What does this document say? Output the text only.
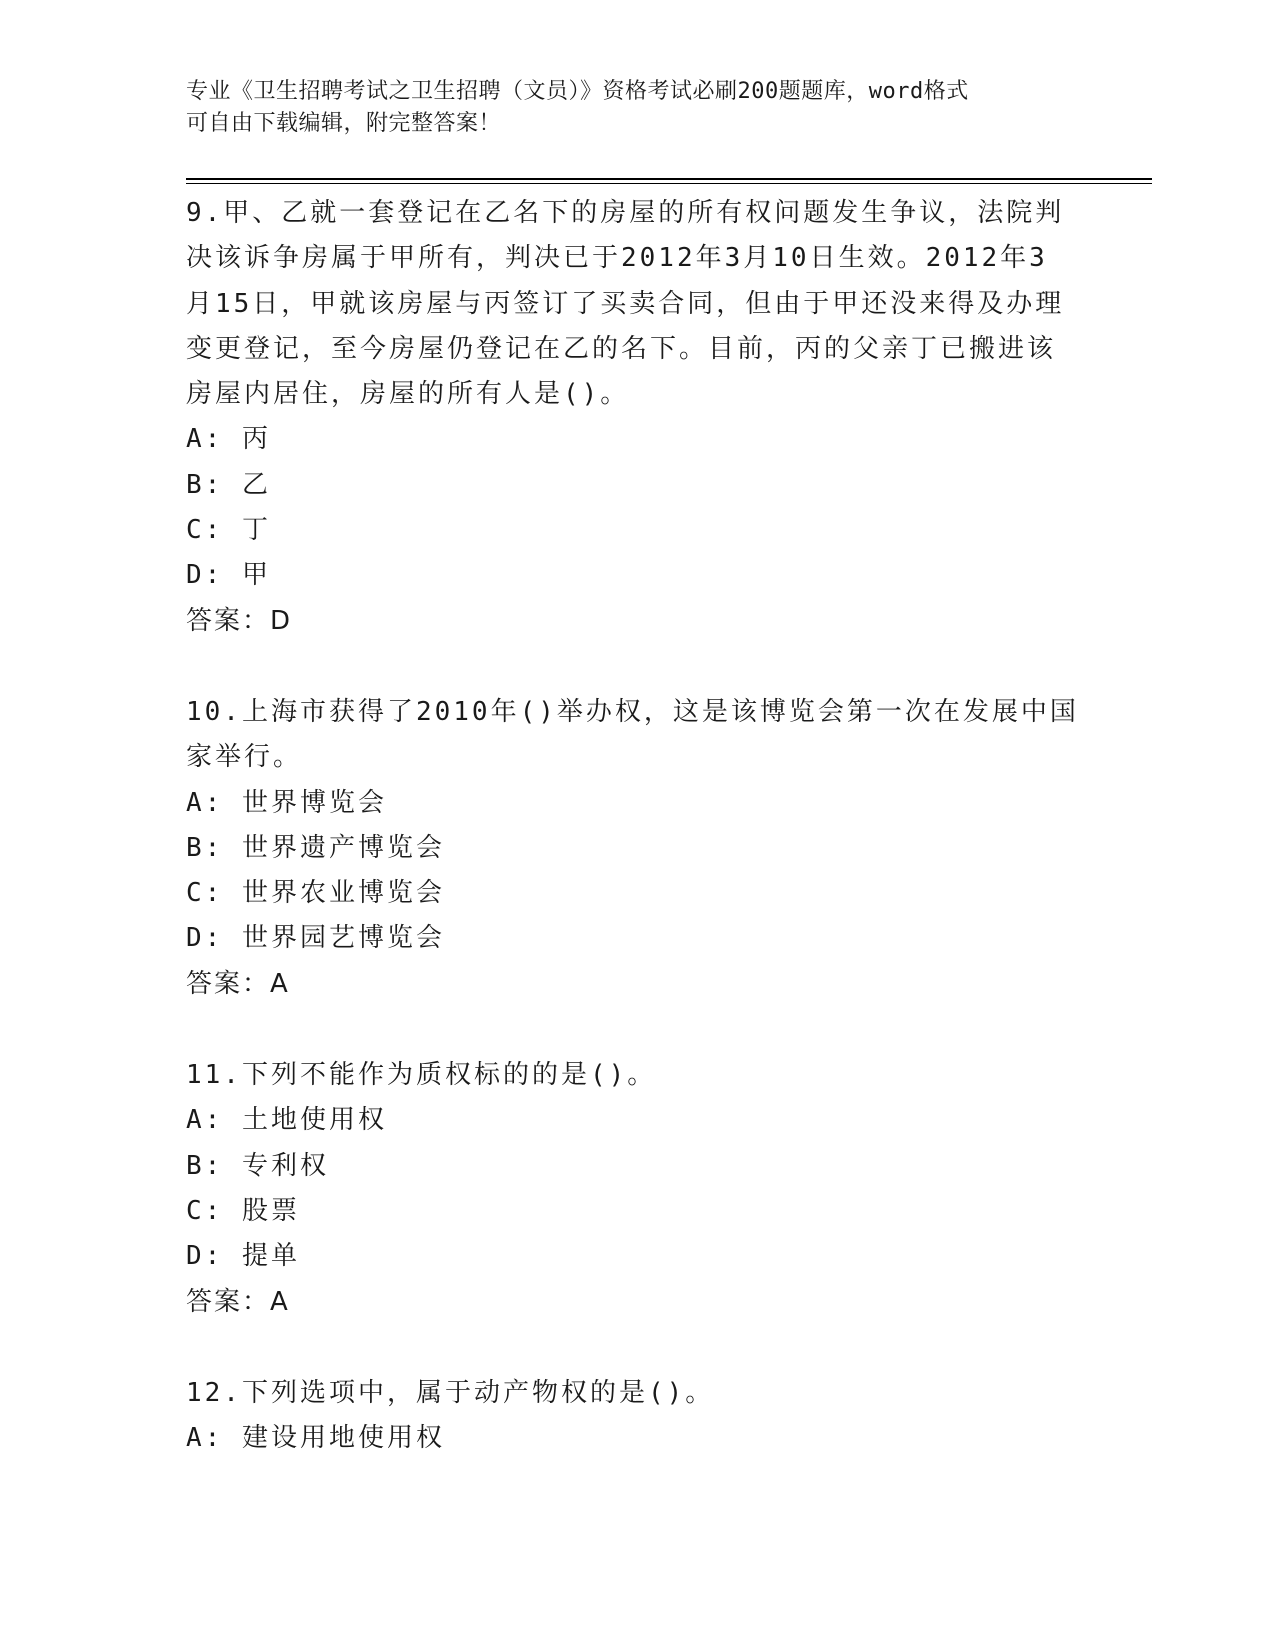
专业《卫生招聘考试之卫生招聘（文员）》资格考试必刷200题题库，word格式
可自由下载编辑，附完整答案！
9.甲、乙就一套登记在乙名下的房屋的所有权问题发生争议，法院判
决该诉争房属于甲所有，判决已于2012年3月10日生效。2012年3
月15日，甲就该房屋与丙签订了买卖合同，但由于甲还没来得及办理
变更登记，至今房屋仍登记在乙的名下。目前，丙的父亲丁已搬进该
房屋内居住，房屋的所有人是()。
A: 丙
B: 乙
C: 丁
D: 甲
答案：D
10.上海市获得了2010年()举办权，这是该博览会第一次在发展中国
家举行。
A: 世界博览会
B: 世界遗产博览会
C: 世界农业博览会
D: 世界园艺博览会
答案：A
11.下列不能作为质权标的的是()。
A: 土地使用权
B: 专利权
C: 股票
D: 提单
答案：A
12.下列选项中，属于动产物权的是()。
A: 建设用地使用权
